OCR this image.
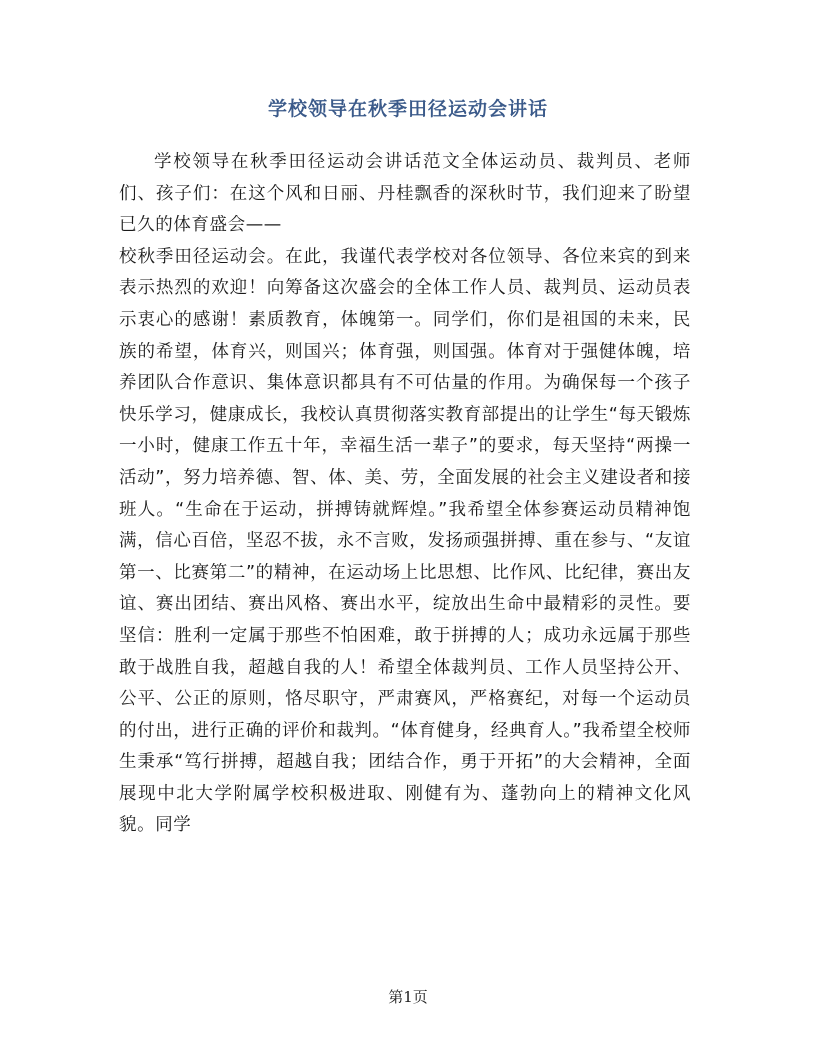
学校领导在秋季田径运动会讲话

学校领导在秋季田径运动会讲话范文全体运动员、裁判员、老师们、孩子们：在这个风和日丽、丹桂飘香的深秋时节，我们迎来了盼望已久的体育盛会——

校秋季田径运动会。在此，我谨代表学校对各位领导、各位来宾的到来表示热烈的欢迎！向筹备这次盛会的全体工作人员、裁判员、运动员表示衷心的感谢！素质教育，体魄第一。同学们，你们是祖国的未来，民族的希望，体育兴，则国兴；体育强，则国强。体育对于强健体魄，培养团队合作意识、集体意识都具有不可估量的作用。为确保每一个孩子快乐学习，健康成长，我校认真贯彻落实教育部提出的让学生“每天锻炼一小时，健康工作五十年，幸福生活一辈子”的要求，每天坚持“两操一活动”，努力培养德、智、体、美、劳，全面发展的社会主义建设者和接班人。“生命在于运动，拼搏铸就辉煌。”我希望全体参赛运动员精神饱满，信心百倍，坚忍不拔，永不言败，发扬顽强拼搏、重在参与、“友谊第一、比赛第二”的精神，在运动场上比思想、比作风、比纪律，赛出友谊、赛出团结、赛出风格、赛出水平，绽放出生命中最精彩的灵性。要坚信：胜利一定属于那些不怕困难，敢于拼搏的人；成功永远属于那些敢于战胜自我，超越自我的人！希望全体裁判员、工作人员坚持公开、公平、公正的原则，恪尽职守，严肃赛风，严格赛纪，对每一个运动员的付出，进行正确的评价和裁判。“体育健身，经典育人。”我希望全校师生秉承“笃行拼搏，超越自我；团结合作，勇于开拓”的大会精神，全面展现中北大学附属学校积极进取、刚健有为、蓬勃向上的精神文化风貌。同学

第1页
